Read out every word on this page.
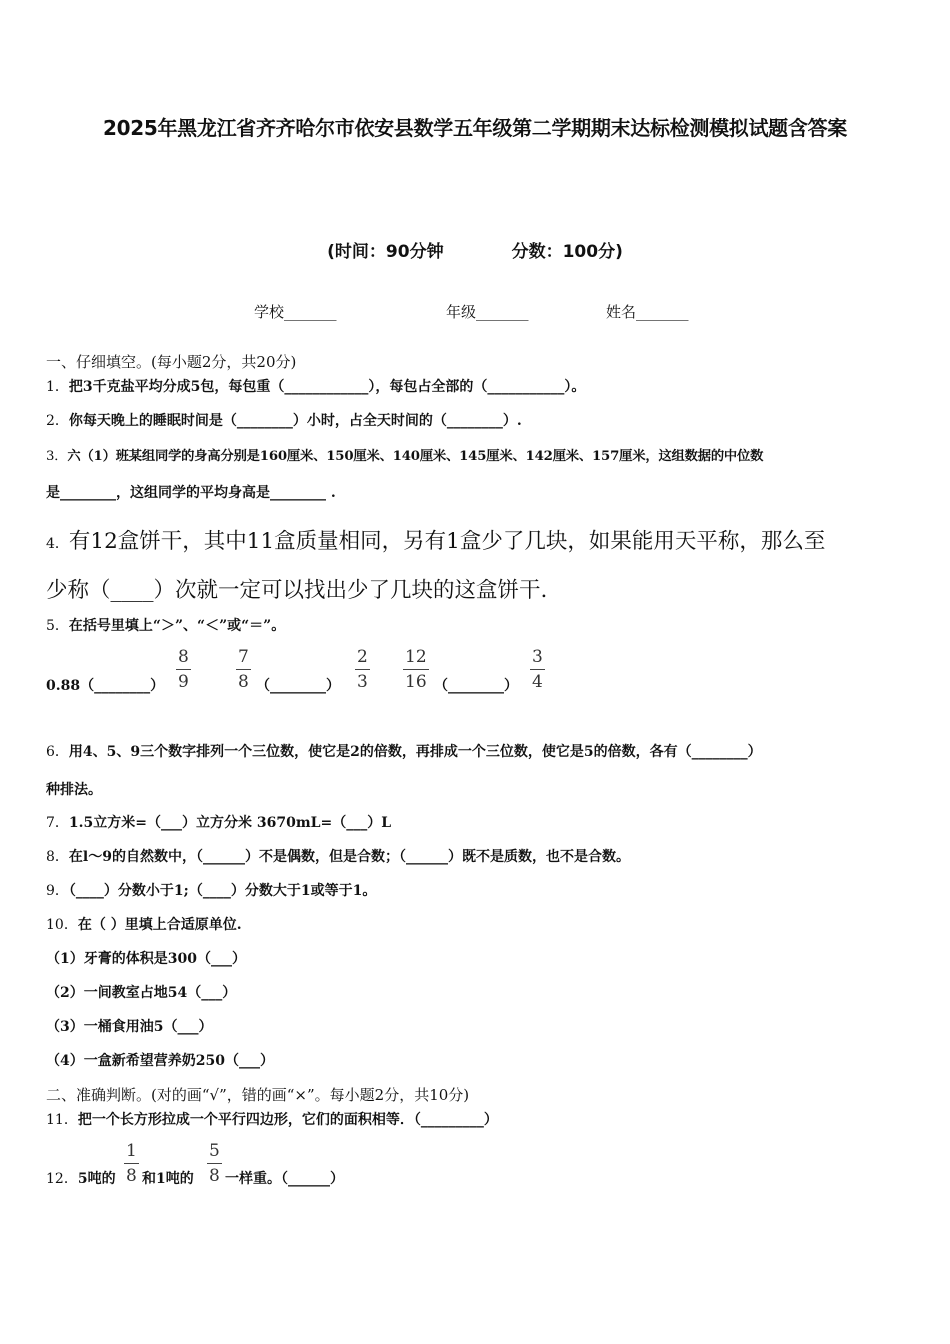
2025年黑龙江省齐齐哈尔市依安县数学五年级第二学期期末达标检测模拟试题含答案
(时间：90分钟	分数：100分)
学校_______	年级_______	姓名_______
一、仔细填空。(每小题2分，共20分)
1．把3千克盐平均分成5包，每包重（____________），每包占全部的（___________）。
2．你每天晚上的睡眠时间是（________）小时，占全天时间的（________）.
3．六（1）班某组同学的身高分别是160厘米、150厘米、140厘米、145厘米、142厘米、157厘米，这组数据的中位数
是________，这组同学的平均身高是________ .
4．有12盒饼干，其中11盒质量相同，另有1盒少了几块，如果能用天平称，那么至
少称（____）次就一定可以找出少了几块的这盒饼干.
5．在括号里填上“＞”、“＜”或“＝”。
0.88（________） $\frac{8}{9}$	$\frac{7}{8}$ （________） $\frac{2}{3} \frac{12}{16}$ （________） $\frac{3}{4}$
6．用4、5、9三个数字排列一个三位数，使它是2的倍数，再排成一个三位数，使它是5的倍数，各有（________）
种排法。
7．1.5立方米=（___）立方分米 3670mL=（___）L
8．在l～9的自然数中，（______）不是偶数，但是合数；（______）既不是质数，也不是合数。
9．（____）分数小于1;（____）分数大于1或等于1。
10．在（ ）里填上合适原单位.
（1）牙膏的体积是300（___）
（2）一间教室占地54（___）
（3）一桶食用油5（___）
（4）一盒新希望营养奶250（___）
二、准确判断。(对的画“√”，错的画“×”。每小题2分，共10分)
11．把一个长方形拉成一个平行四边形，它们的面积相等．（_________）
12．5吨的 $\frac{1}{8}$ 和1吨的 $\frac{5}{8}$ 一样重。（______）
